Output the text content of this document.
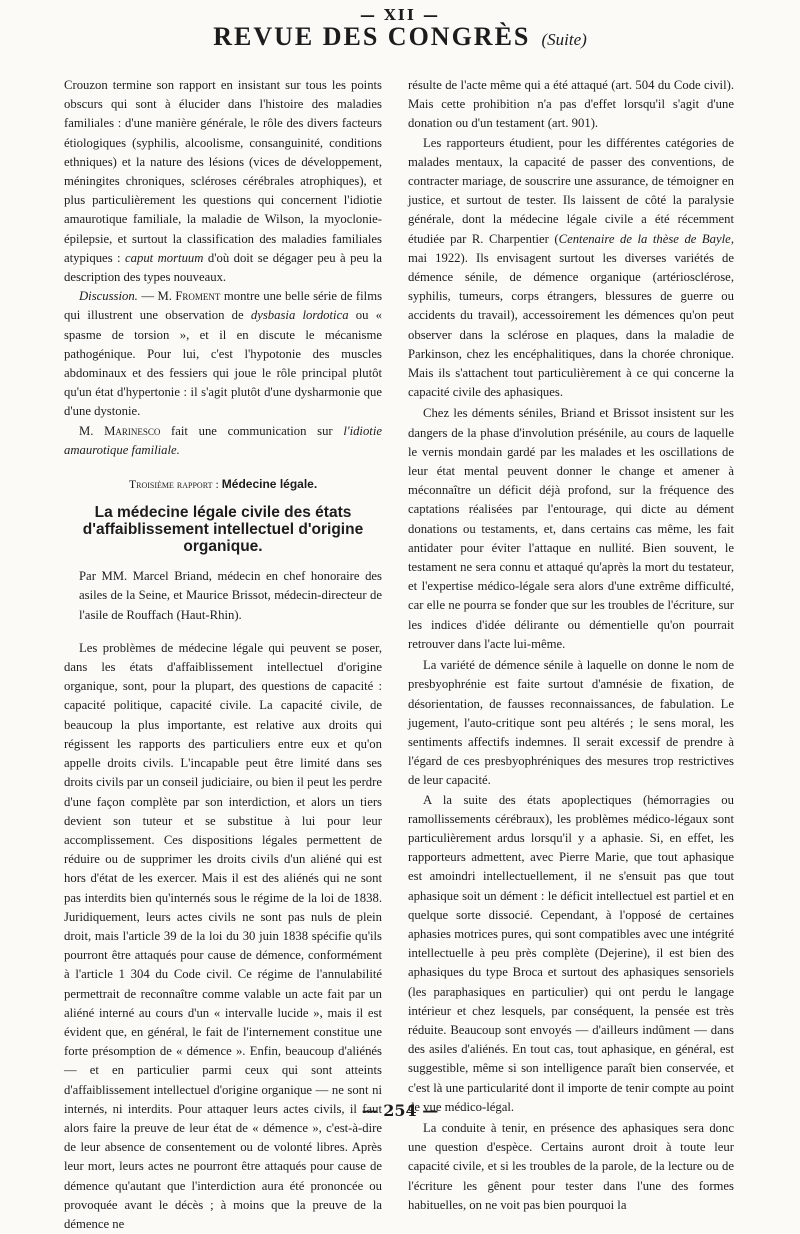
— XII —
REVUE DES CONGRÈS (Suite)

Crouzon termine son rapport en insistant sur tous les points obscurs qui sont à élucider dans l'histoire des maladies familiales : d'une manière générale, le rôle des divers facteurs étiologiques (syphilis, alcoolisme, consanguinité, conditions ethniques) et la nature des lésions (vices de développement, méningites chroniques, scléroses cérébrales atrophiques), et plus particulièrement les questions qui concernent l'idiotie amaurotique familiale, la maladie de Wilson, la myoclonie-épilepsie, et surtout la classification des maladies familiales atypiques : caput mortuum d'où doit se dégager peu à peu la description des types nouveaux.

Discussion. — M. Froment montre une belle série de films qui illustrent une observation de dysbasia lordotica ou « spasme de torsion », et il en discute le mécanisme pathogénique. Pour lui, c'est l'hypotonie des muscles abdominaux et des fessiers qui joue le rôle principal plutôt qu'un état d'hypertonie : il s'agit plutôt d'une dysharmonie que d'une dystonie.

M. Marinesco fait une communication sur l'idiotie amaurotique familiale.

Troisième rapport : Médecine légale.
La médecine légale civile des états d'affaiblissement intellectuel d'origine organique.

Par MM. Marcel Briand, médecin en chef honoraire des asiles de la Seine, et Maurice Brissot, médecin-directeur de l'asile de Rouffach (Haut-Rhin).

Les problèmes de médecine légale qui peuvent se poser, dans les états d'affaiblissement intellectuel d'origine organique, sont, pour la plupart, des questions de capacité : capacité politique, capacité civile. La capacité civile, de beaucoup la plus importante, est relative aux droits qui régissent les rapports des particuliers entre eux et qu'on appelle droits civils. L'incapable peut être limité dans ses droits civils par un conseil judiciaire, ou bien il peut les perdre d'une façon complète par son interdiction, et alors un tiers devient son tuteur et se substitue à lui pour leur accomplissement. Ces dispositions légales permettent de réduire ou de supprimer les droits civils d'un aliéné qui est hors d'état de les exercer. Mais il est des aliénés qui ne sont pas interdits bien qu'internés sous le régime de la loi de 1838. Juridiquement, leurs actes civils ne sont pas nuls de plein droit, mais l'article 39 de la loi du 30 juin 1838 spécifie qu'ils pourront être attaqués pour cause de démence, conformément à l'article 1 304 du Code civil. Ce régime de l'annulabilité permettrait de reconnaître comme valable un acte fait par un aliéné interné au cours d'un « intervalle lucide », mais il est évident que, en général, le fait de l'internement constitue une forte présomption de « démence ». Enfin, beaucoup d'aliénés — et en particulier parmi ceux qui sont atteints d'affaiblissement intellectuel d'origine organique — ne sont ni internés, ni interdits. Pour attaquer leurs actes civils, il faut alors faire la preuve de leur état de « démence », c'est-à-dire de leur absence de consentement ou de volonté libres. Après leur mort, leurs actes ne pourront être attaqués pour cause de démence qu'autant que l'interdiction aura été prononcée ou provoquée avant le décès ; à moins que la preuve de la démence ne

résulte de l'acte même qui a été attaqué (art. 504 du Code civil). Mais cette prohibition n'a pas d'effet lorsqu'il s'agit d'une donation ou d'un testament (art. 901).

Les rapporteurs étudient, pour les différentes catégories de malades mentaux, la capacité de passer des conventions, de contracter mariage, de souscrire une assurance, de témoigner en justice, et surtout de tester. Ils laissent de côté la paralysie générale, dont la médecine légale civile a été récemment étudiée par R. Charpentier (Centenaire de la thèse de Bayle, mai 1922). Ils envisagent surtout les diverses variétés de démence sénile, de démence organique (artériosclérose, syphilis, tumeurs, corps étrangers, blessures de guerre ou accidents du travail), accessoirement les démences qu'on peut observer dans la sclérose en plaques, dans la maladie de Parkinson, chez les encéphalitiques, dans la chorée chronique. Mais ils s'attachent tout particulièrement à ce qui concerne la capacité civile des aphasiques.

Chez les déments séniles, Briand et Brissot insistent sur les dangers de la phase d'involution présénile, au cours de laquelle le vernis mondain gardé par les malades et les oscillations de leur état mental peuvent donner le change et amener à méconnaître un déficit déjà profond, sur la fréquence des captations réalisées par l'entourage, qui dicte au dément donations ou testaments, et, dans certains cas même, les fait antidater pour éviter l'attaque en nullité. Bien souvent, le testament ne sera connu et attaqué qu'après la mort du testateur, et l'expertise médico-légale sera alors d'une extrême difficulté, car elle ne pourra se fonder que sur les troubles de l'écriture, sur les indices d'idée délirante ou démentielle qu'on pourrait retrouver dans l'acte lui-même.

La variété de démence sénile à laquelle on donne le nom de presbyophrénie est faite surtout d'amnésie de fixation, de désorientation, de fausses reconnaissances, de fabulation. Le jugement, l'auto-critique sont peu altérés ; le sens moral, les sentiments affectifs indemnes. Il serait excessif de prendre à l'égard de ces presbyophréniques des mesures trop restrictives de leur capacité.

A la suite des états apoplectiques (hémorragies ou ramollissements cérébraux), les problèmes médico-légaux sont particulièrement ardus lorsqu'il y a aphasie. Si, en effet, les rapporteurs admettent, avec Pierre Marie, que tout aphasique est amoindri intellectuellement, il ne s'ensuit pas que tout aphasique soit un dément : le déficit intellectuel est partiel et en quelque sorte dissocié. Cependant, à l'opposé de certaines aphasies motrices pures, qui sont compatibles avec une intégrité intellectuelle à peu près complète (Dejerine), il est bien des aphasiques du type Broca et surtout des aphasiques sensoriels (les paraphasiques en particulier) qui ont perdu le langage intérieur et chez lesquels, par conséquent, la pensée est très réduite. Beaucoup sont envoyés — d'ailleurs indûment — dans des asiles d'aliénés. En tout cas, tout aphasique, en général, est suggestible, même si son intelligence paraît bien conservée, et c'est là une particularité dont il importe de tenir compte au point de vue médico-légal.

La conduite à tenir, en présence des aphasiques sera donc une question d'espèce. Certains auront droit à toute leur capacité civile, et si les troubles de la parole, de la lecture ou de l'écriture les gênent pour tester dans l'une des formes habituelles, on ne voit pas bien pourquoi la

— 254 —
